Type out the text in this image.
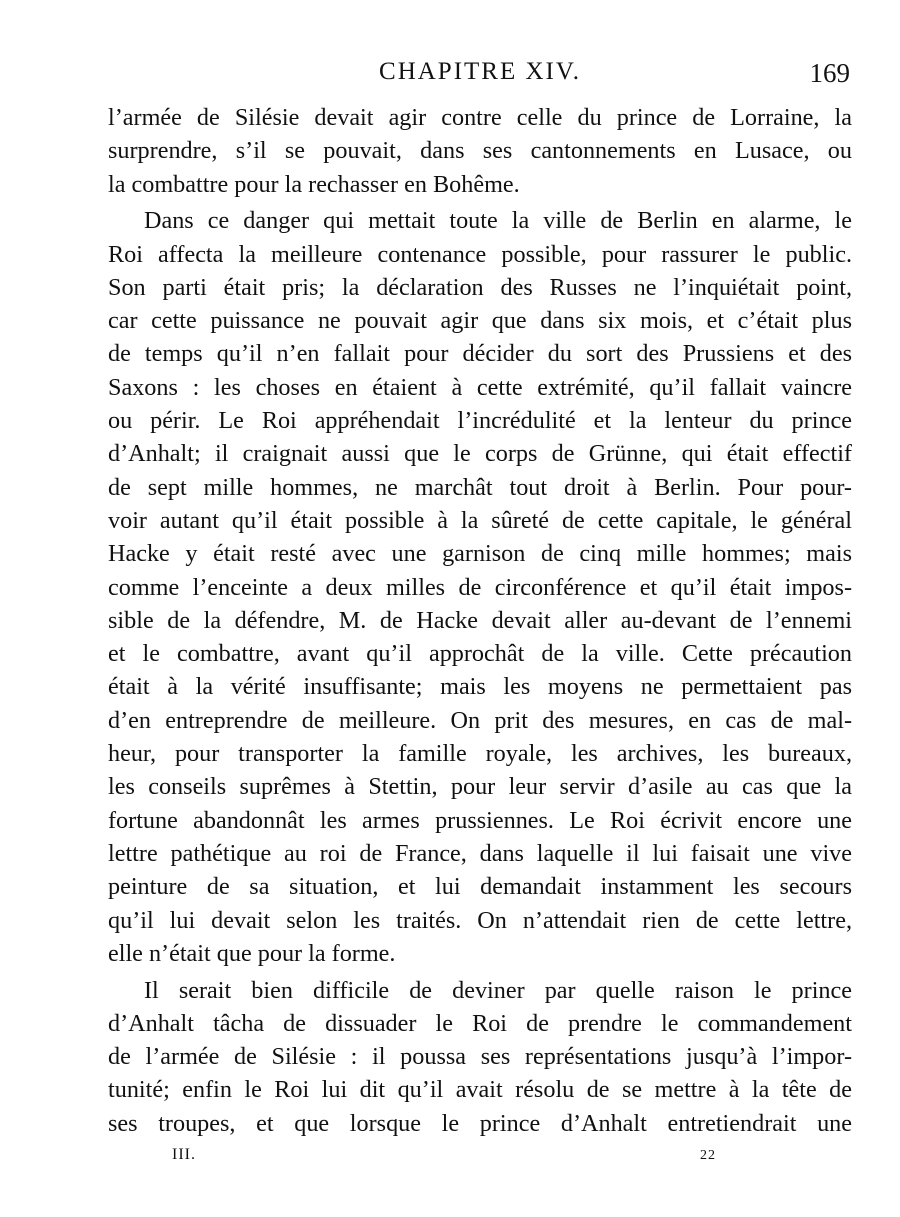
CHAPITRE XIV.	169
l’armée de Silésie devait agir contre celle du prince de Lorraine, la
surprendre, s’il se pouvait, dans ses cantonnements en Lusace, ou
la combattre pour la rechasser en Bohême.
Dans ce danger qui mettait toute la ville de Berlin en alarme, le
Roi affecta la meilleure contenance possible, pour rassurer le public.
Son parti était pris; la déclaration des Russes ne l’inquiétait point,
car cette puissance ne pouvait agir que dans six mois, et c’était plus
de temps qu’il n’en fallait pour décider du sort des Prussiens et des
Saxons : les choses en étaient à cette extrémité, qu’il fallait vaincre
ou périr. Le Roi appréhendait l’incrédulité et la lenteur du prince
d’Anhalt; il craignait aussi que le corps de Grünne, qui était effectif
de sept mille hommes, ne marchât tout droit à Berlin. Pour pour-
voir autant qu’il était possible à la sûreté de cette capitale, le général
Hacke y était resté avec une garnison de cinq mille hommes; mais
comme l’enceinte a deux milles de circonférence et qu’il était impos-
sible de la défendre, M. de Hacke devait aller au-devant de l’ennemi
et le combattre, avant qu’il approchât de la ville. Cette précaution
était à la vérité insuffisante; mais les moyens ne permettaient pas
d’en entreprendre de meilleure. On prit des mesures, en cas de mal-
heur, pour transporter la famille royale, les archives, les bureaux,
les conseils suprêmes à Stettin, pour leur servir d’asile au cas que la
fortune abandonnât les armes prussiennes. Le Roi écrivit encore une
lettre pathétique au roi de France, dans laquelle il lui faisait une vive
peinture de sa situation, et lui demandait instamment les secours
qu’il lui devait selon les traités. On n’attendait rien de cette lettre,
elle n’était que pour la forme.
Il serait bien difficile de deviner par quelle raison le prince
d’Anhalt tâcha de dissuader le Roi de prendre le commandement
de l’armée de Silésie : il poussa ses représentations jusqu’à l’impor-
tunité; enfin le Roi lui dit qu’il avait résolu de se mettre à la tête de
ses troupes, et que lorsque le prince d’Anhalt entretiendrait une
III.	22
